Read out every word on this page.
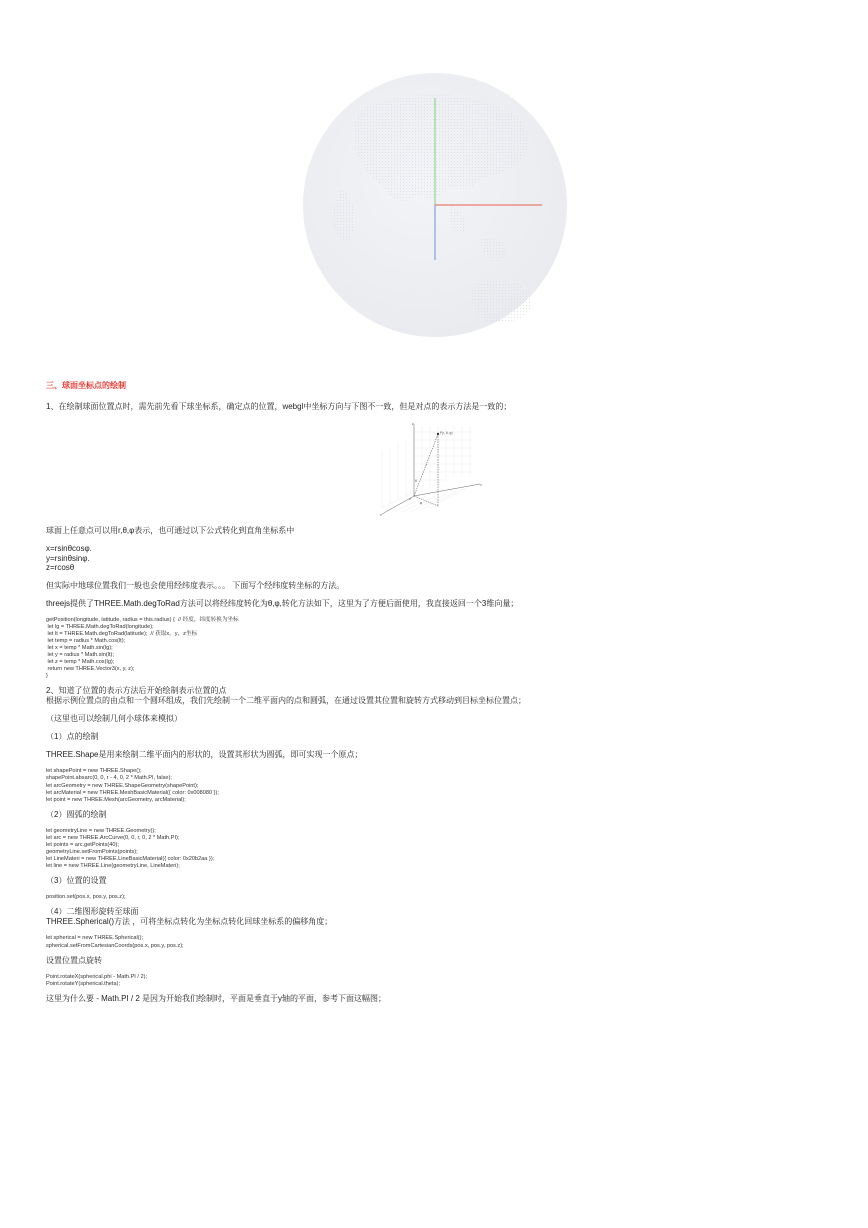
三、球面坐标点的绘制
1、在绘制球面位置点时，需先前先看下球坐标系，确定点的位置，webgl中坐标方向与下图不一致，但是对点的表示方法是一致的；
z
x
y
P(r, θ, φ)
r
θ
φ
o
球面上任意点可以用r,θ,φ表示，也可通过以下公式转化到直角坐标系中
x=rsinθcosφ.
y=rsinθsinφ.
z=rcosθ
但实际中地球位置我们一般也会使用经纬度表示。。。 下面写个经纬度转坐标的方法。
threejs提供了THREE.Math.degToRad方法可以将经纬度转化为θ,φ,转化方法如下，这里为了方便后面使用，我直接返回一个3维向量；
getPosition(longitude, latitude, radius = this.radius) {  // 经度，纬度转换为坐标
let lg = THREE.Math.degToRad(longitude);
let lt = THREE.Math.degToRad(latitude);  // 获取x，y，z坐标
let temp = radius * Math.cos(lt);
let x = temp * Math.sin(lg);
let y = radius * Math.sin(lt);
let z = temp * Math.cos(lg);
return new THREE.Vector3(x, y, z);
}
2、知道了位置的表示方法后开始绘制表示位置的点
根据示例位置点的由点和一个圆环组成，我们先绘制一个二维平面内的点和圆弧，在通过设置其位置和旋转方式移动到目标坐标位置点；
（这里也可以绘制几何小球体来模拟）
（1）点的绘制
THREE.Shape是用来绘制二维平面内的形状的，设置其形状为圆弧，即可实现一个原点；
let shapePoint = new THREE.Shape();
shapePoint.absarc(0, 0, r - 4, 0, 2 * Math.PI, false);
let arcGeometry = new THREE.ShapeGeometry(shapePoint);
let arcMaterial = new THREE.MeshBasicMaterial({ color: 0x008080 });
let point = new THREE.Mesh(arcGeometry, arcMaterial);
（2）圆弧的绘制
let geometryLine = new THREE.Geometry();
let arc = new THREE.ArcCurve(0, 0, r, 0, 2 * Math.PI);
let points = arc.getPoints(40);
geometryLine.setFromPoints(points);
let LineMateri = new THREE.LineBasicMaterial({ color: 0x20b2aa });
let line = new THREE.Line(geometryLine, LineMateri);
（3）位置的设置
position.set(pos.x, pos.y, pos.z);
（4）二维图形旋转至球面
THREE.Spherical()方法 ，可将坐标点转化为坐标点转化回球坐标系的偏移角度；
let spherical = new THREE.Spherical();
spherical.setFromCartesianCoords(pos.x, pos.y, pos.z);
设置位置点旋转
Point.rotateX(spherical.phi - Math.PI / 2);
Point.rotateY(spherical.theta);
这里为什么要 - Math.PI / 2 是因为开始我们绘制时，平面是垂直于y轴的平面，参考下面这幅图；
